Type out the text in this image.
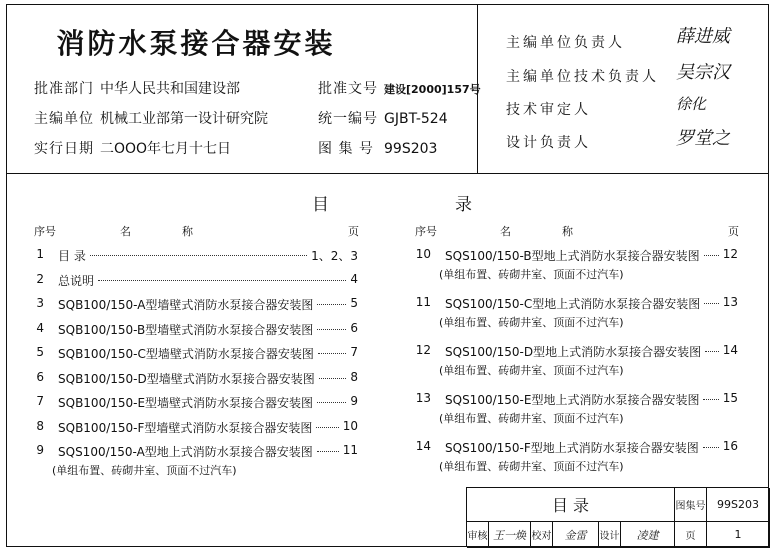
消防水泵接合器安装
批准部门 中华人民共和国建设部	批准文号 建设[2000]157号
主编单位 机械工业部第一设计研究院	统一编号 GJBT-524
实行日期 二OOO年七月十七日	图 集 号 99S203
主编单位负责人	薛进威
主编单位技术负责人 吴宗汉
技术审定人	徐化
设计负责人	罗堂之
目	录
序号	名	称	页	序号	名	称	页
1 目 录	1、2、3
2 总说明	4
3 SQB100/150-A型墙壁式消防水泵接合器安装图	5
4 SQB100/150-B型墙壁式消防水泵接合器安装图	6
5 SQB100/150-C型墙壁式消防水泵接合器安装图	7
6 SQB100/150-D型墙壁式消防水泵接合器安装图	8
7 SQB100/150-E型墙壁式消防水泵接合器安装图	9
8 SQB100/150-F型墙壁式消防水泵接合器安装图	10
9 SQS100/150-A型地上式消防水泵接合器安装图 11
(单组布置、砖砌井室、顶面不过汽车)
10 SQS100/150-B型地上式消防水泵接合器安装图 12
(单组布置、砖砌井室、顶面不过汽车)
11 SQS100/150-C型地上式消防水泵接合器安装图 13
(单组布置、砖砌井室、顶面不过汽车)
12 SQS100/150-D型地上式消防水泵接合器安装图 14
(单组布置、砖砌井室、顶面不过汽车)
13 SQS100/150-E型地上式消防水泵接合器安装图 15
(单组布置、砖砌井室、顶面不过汽车)
14 SQS100/150-F型地上式消防水泵接合器安装图 16
(单组布置、砖砌井室、顶面不过汽车)
目 录	图集号	99S203
审核 王一焕 校对	金雷	设计	凌建	页	1
